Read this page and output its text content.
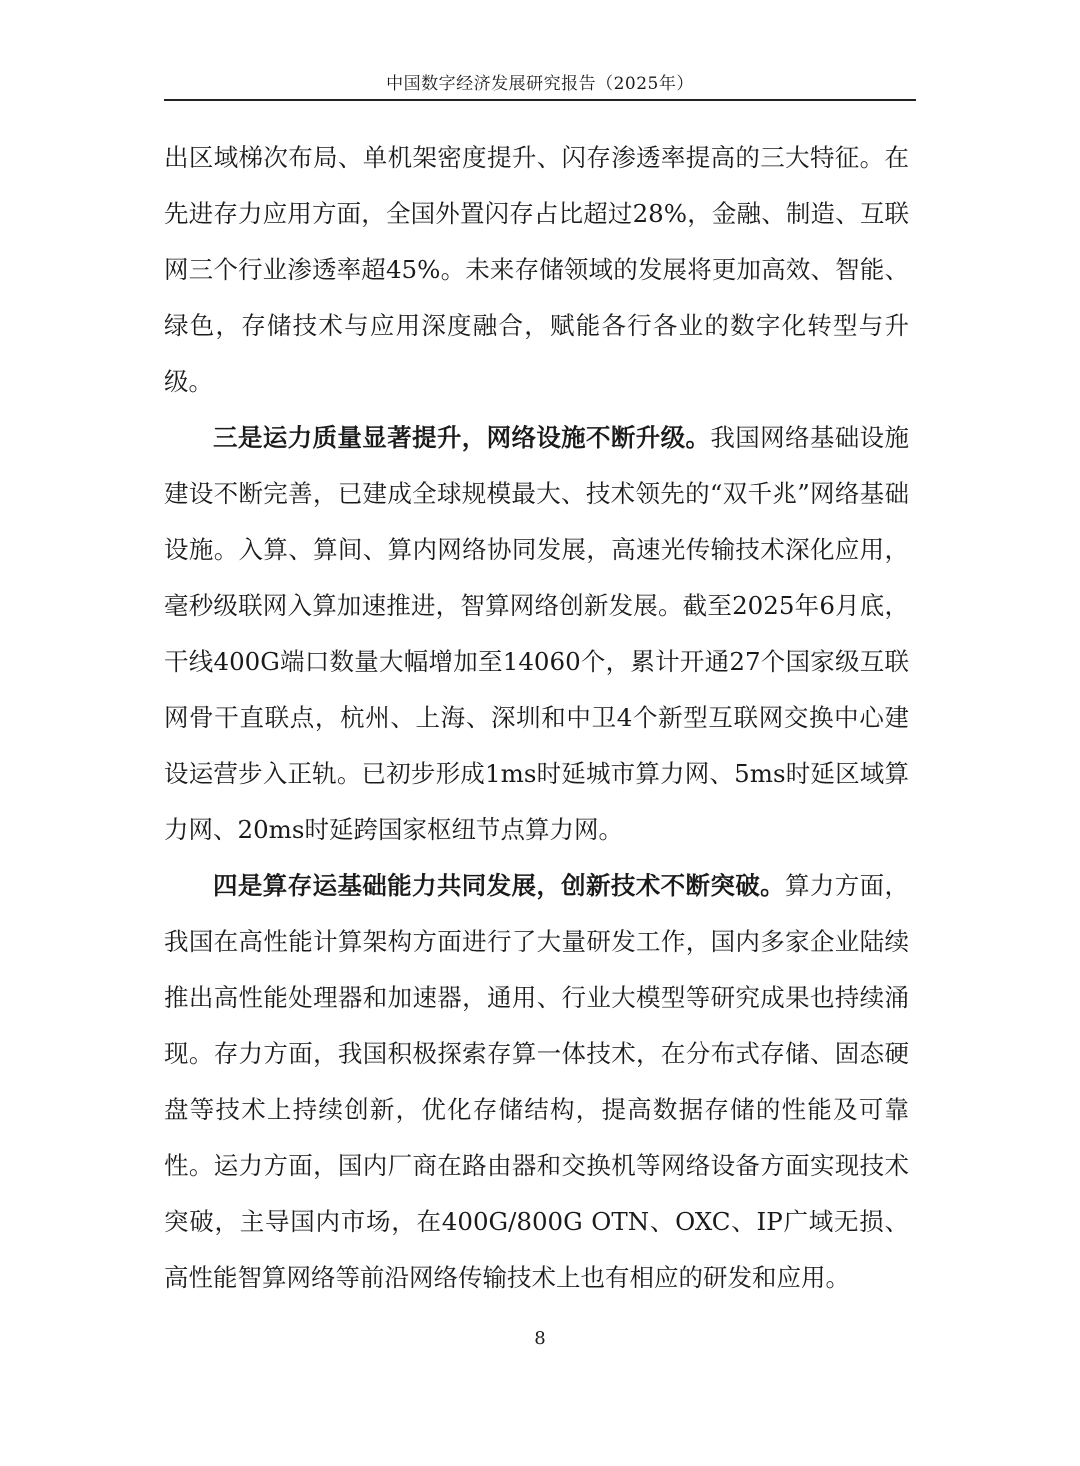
中国数字经济发展研究报告（2025年）

出区域梯次布局、单机架密度提升、闪存渗透率提高的三大特征。在先进存力应用方面，全国外置闪存占比超过28%，金融、制造、互联网三个行业渗透率超45%。未来存储领域的发展将更加高效、智能、绿色，存储技术与应用深度融合，赋能各行各业的数字化转型与升级。

三是运力质量显著提升，网络设施不断升级。我国网络基础设施建设不断完善，已建成全球规模最大、技术领先的“双千兆”网络基础设施。入算、算间、算内网络协同发展，高速光传输技术深化应用，毫秒级联网入算加速推进，智算网络创新发展。截至2025年6月底，干线400G端口数量大幅增加至14060个，累计开通27个国家级互联网骨干直联点，杭州、上海、深圳和中卫4个新型互联网交换中心建设运营步入正轨。已初步形成1ms时延城市算力网、5ms时延区域算力网、20ms时延跨国家枢纽节点算力网。

四是算存运基础能力共同发展，创新技术不断突破。算力方面，我国在高性能计算架构方面进行了大量研发工作，国内多家企业陆续推出高性能处理器和加速器，通用、行业大模型等研究成果也持续涌现。存力方面，我国积极探索存算一体技术，在分布式存储、固态硬盘等技术上持续创新，优化存储结构，提高数据存储的性能及可靠性。运力方面，国内厂商在路由器和交换机等网络设备方面实现技术突破，主导国内市场，在400G/800G OTN、OXC、IP广域无损、高性能智算网络等前沿网络传输技术上也有相应的研发和应用。

8
